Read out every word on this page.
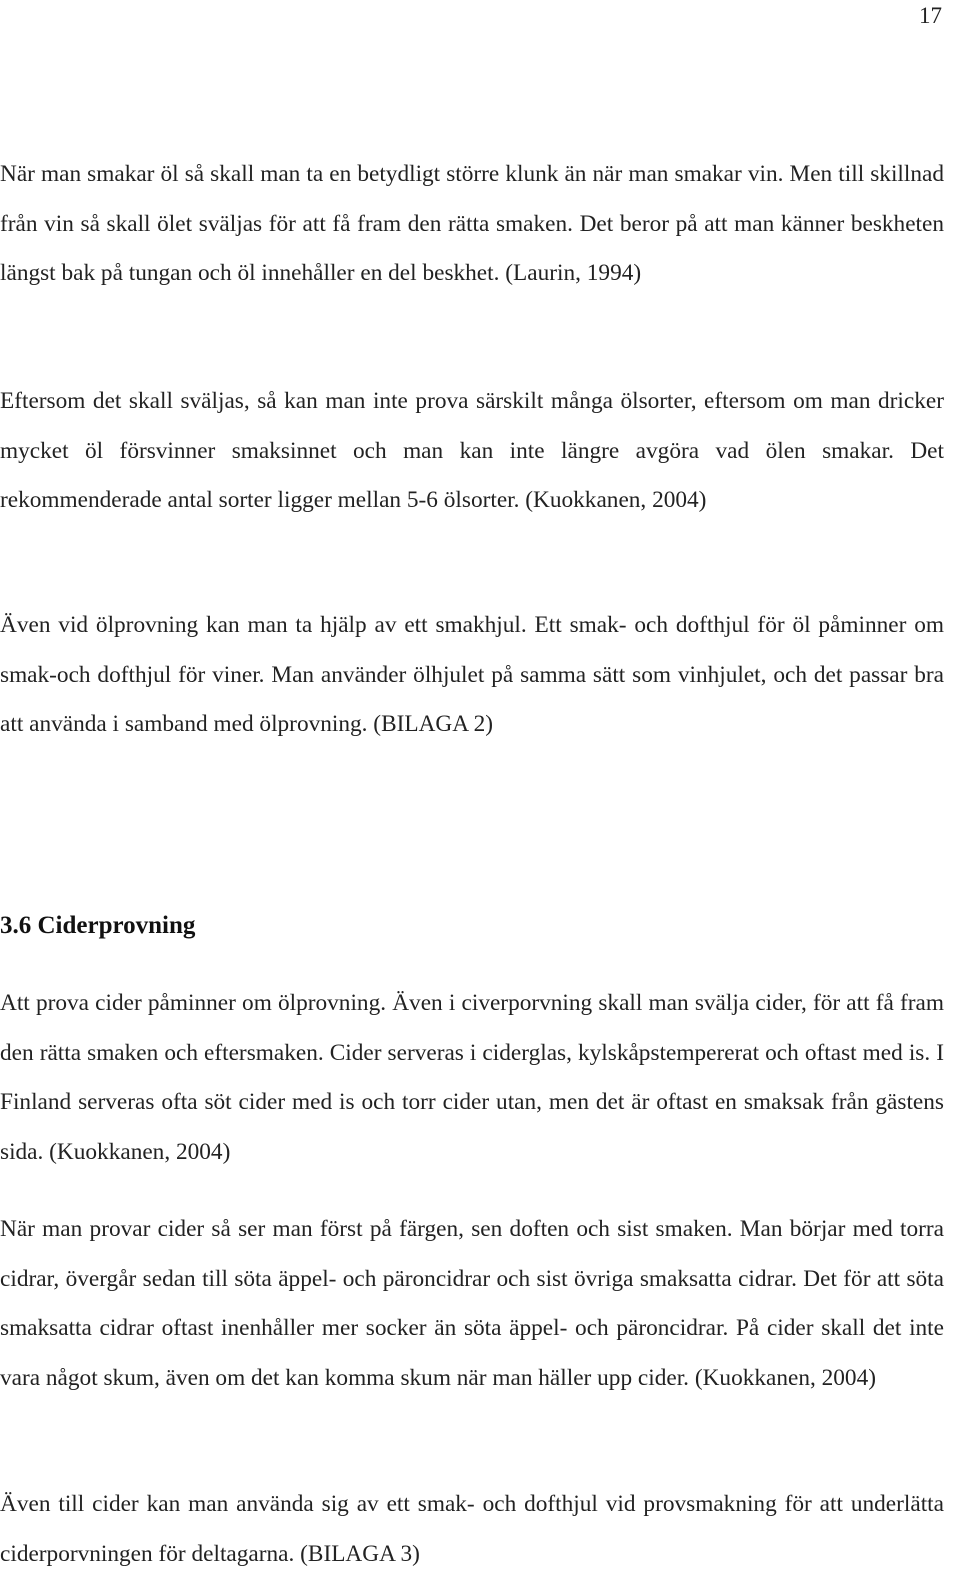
17

När man smakar öl så skall man ta en betydligt större klunk än när man smakar vin. Men till skillnad från vin så skall ölet sväljas för att få fram den rätta smaken. Det beror på att man känner beskheten längst bak på tungan och öl innehåller en del beskhet. (Laurin, 1994)

Eftersom det skall sväljas, så kan man inte prova särskilt många ölsorter, eftersom om man dricker mycket öl försvinner smaksinnet och man kan inte längre avgöra vad ölen smakar. Det rekommenderade antal sorter ligger mellan 5-6 ölsorter. (Kuokkanen, 2004)

Även vid ölprovning kan man ta hjälp av ett smakhjul. Ett smak- och dofthjul för öl påminner om smak-och dofthjul för viner. Man använder ölhjulet på samma sätt som vinhjulet, och det passar bra att använda i samband med ölprovning. (BILAGA 2)

3.6 Ciderprovning

Att prova cider påminner om ölprovning. Även i civerporvning skall man svälja cider, för att få fram den rätta smaken och eftersmaken. Cider serveras i ciderglas, kylskåpstempererat och oftast med is. I Finland serveras ofta söt cider med is och torr cider utan, men det är oftast en smaksak från gästens sida. (Kuokkanen, 2004)

När man provar cider så ser man först på färgen, sen doften och sist smaken. Man börjar med torra cidrar, övergår sedan till söta äppel- och päroncidrar och sist övriga smaksatta cidrar. Det för att söta smaksatta cidrar oftast inenhåller mer socker än söta äppel- och päroncidrar. På cider skall det inte vara något skum, även om det kan komma skum när man häller upp cider. (Kuokkanen, 2004)

Även till cider kan man använda sig av ett smak- och dofthjul vid provsmakning för att underlätta ciderporvningen för deltagarna. (BILAGA 3)
